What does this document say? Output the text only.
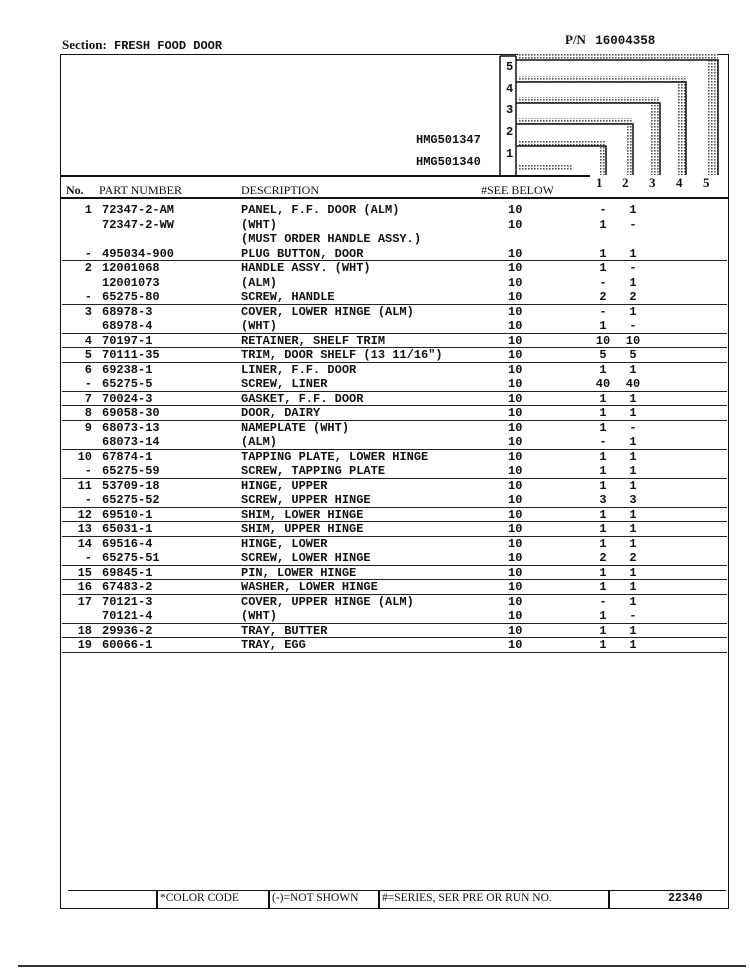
Section: FRESH FOOD DOOR	P/N 16004358
5
4
3
2
1
HMG501347
HMG501340
1 2 3 4 5
No. PART NUMBER	DESCRIPTION	#SEE BELOW
1 72347-2-AM	PANEL, F.F. DOOR (ALM)	10	-	1
72347-2-WW	(WHT)	10	1	-
(MUST ORDER HANDLE ASSY.)
- 495034-900	PLUG BUTTON, DOOR	10	1	1
2 12001068	HANDLE ASSY. (WHT)	10	1	-
12001073	(ALM)	10	-	1
- 65275-80	SCREW, HANDLE	10	2	2
3 68978-3	COVER, LOWER HINGE (ALM)	10	-	1
68978-4	(WHT)	10	1	-
4 70197-1	RETAINER, SHELF TRIM	10	10	10
5 70111-35	TRIM, DOOR SHELF (13 11/16")	10	5	5
6 69238-1	LINER, F.F. DOOR	10	1	1
- 65275-5	SCREW, LINER	10	40	40
7 70024-3	GASKET, F.F. DOOR	10	1	1
8 69058-30	DOOR, DAIRY	10	1	1
9 68073-13	NAMEPLATE (WHT)	10	1	-
68073-14	(ALM)	10	-	1
10 67874-1	TAPPING PLATE, LOWER HINGE	10	1	1
- 65275-59	SCREW, TAPPING PLATE	10	1	1
11 53709-18	HINGE, UPPER	10	1	1
- 65275-52	SCREW, UPPER HINGE	10	3	3
12 69510-1	SHIM, LOWER HINGE	10	1	1
13 65031-1	SHIM, UPPER HINGE	10	1	1
14 69516-4	HINGE, LOWER	10	1	1
- 65275-51	SCREW, LOWER HINGE	10	2	2
15 69845-1	PIN, LOWER HINGE	10	1	1
16 67483-2	WASHER, LOWER HINGE	10	1	1
17 70121-3	COVER, UPPER HINGE (ALM)	10	-	1
70121-4	(WHT)	10	1	-
18 29936-2	TRAY, BUTTER	10	1	1
19 60066-1	TRAY, EGG	10	1	1
*COLOR CODE	(-)=NOT SHOWN #=SERIES, SER PRE OR RUN NO.	22340
